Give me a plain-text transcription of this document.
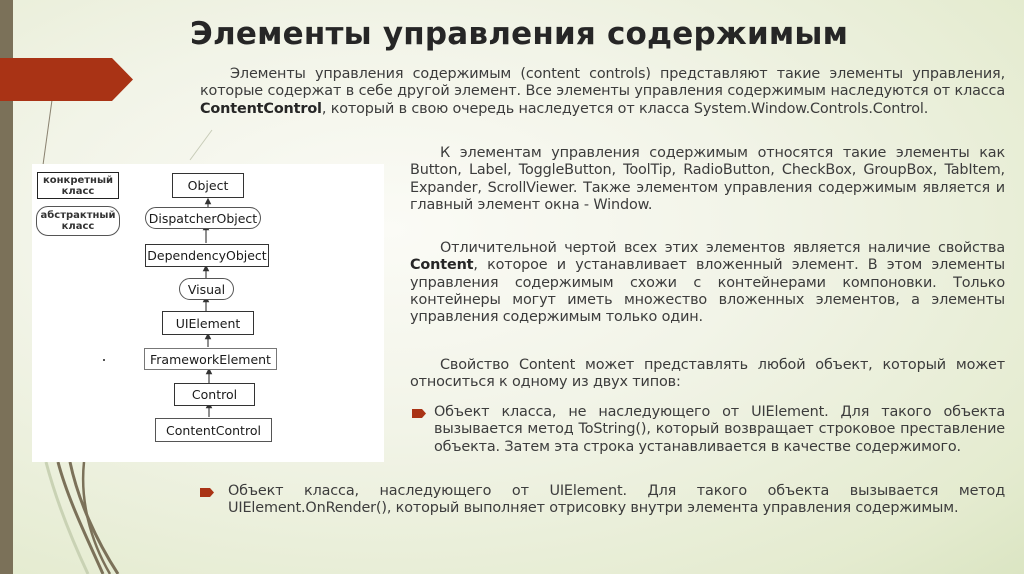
Элементы управления содержимым

Элементы управления содержимым (content controls) представляют такие элементы управления, которые содержат в себе другой элемент. Все элементы управления содержимым наследуются от класса ContentControl, который в свою очередь наследуется от класса System.Window.Controls.Control.

конкретный
класс
абстрактный
класс
Object
DispatcherObject
DependencyObject
Visual
UIElement
FrameworkElement
Control
ContentControl

К элементам управления содержимым относятся такие элементы как Button, Label, ToggleButton, ToolTip, RadioButton, CheckBox, GroupBox, TabItem, Expander, ScrollViewer. Также элементом управления содержимым является и главный элемент окна - Window.

Отличительной чертой всех этих элементов является наличие свойства Content, которое и устанавливает вложенный элемент. В этом элементы управления содержимым схожи с контейнерами компоновки. Только контейнеры могут иметь множество вложенных элементов, а элементы управления содержимым только один.

Свойство Content может представлять любой объект, который может относиться к одному из двух типов:

Объект класса, не наследующего от UIElement. Для такого объекта вызывается метод ToString(), который возвращает строковое преставление объекта. Затем эта строка устанавливается в качестве содержимого.

Объект класса, наследующего от UIElement. Для такого объекта вызывается метод UIElement.OnRender(), который выполняет отрисовку внутри элемента управления содержимым.
